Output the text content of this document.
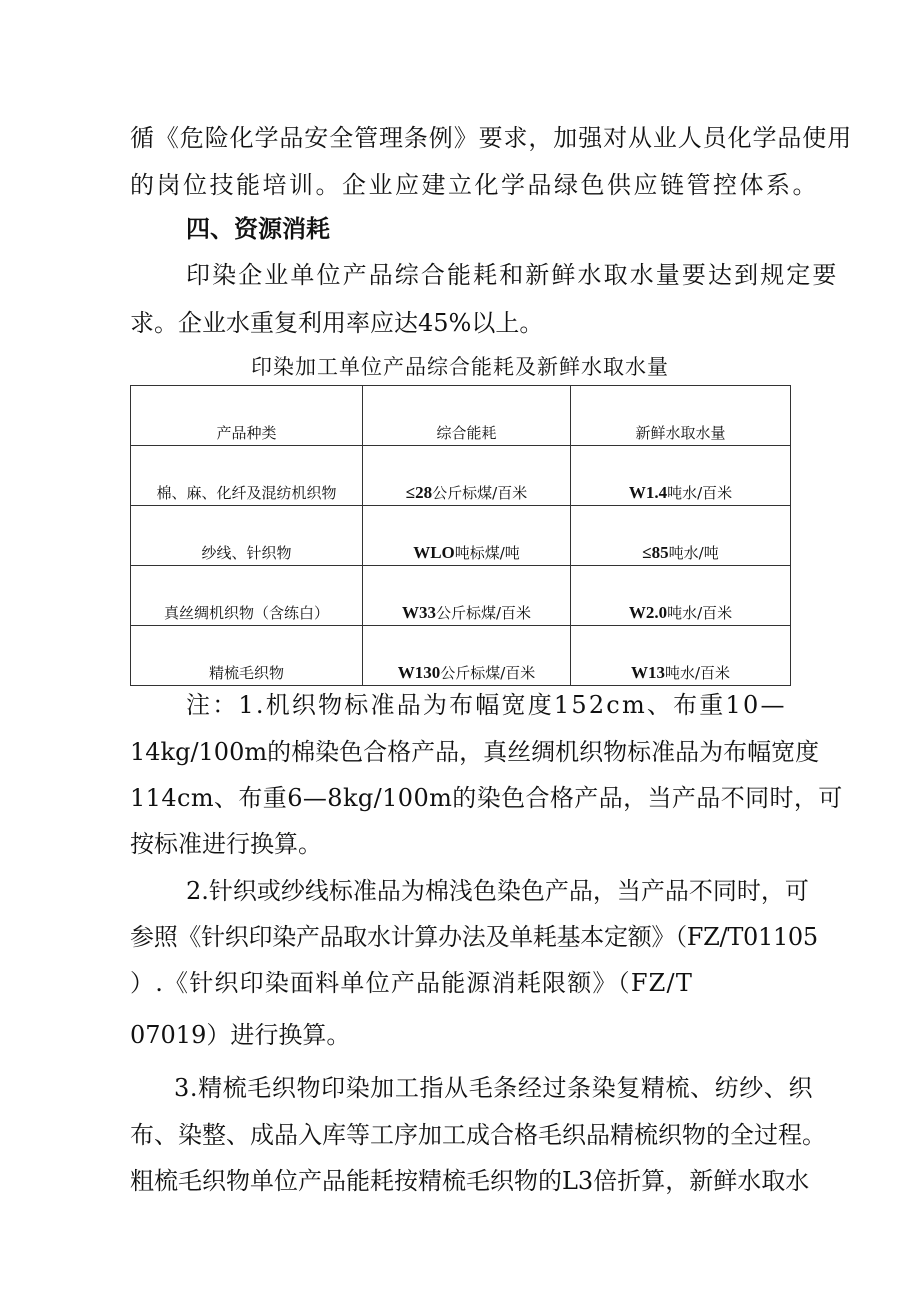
循《危险化学品安全管理条例》要求，加强对从业人员化学品使用
的岗位技能培训。企业应建立化学品绿色供应链管控体系。
四、资源消耗
印染企业单位产品综合能耗和新鲜水取水量要达到规定要
求。企业水重复利用率应达45%以上。
印染加工单位产品综合能耗及新鲜水取水量
产品种类	综合能耗	新鲜水取水量
棉、麻、化纤及混纺机织物	≤28公斤标煤/百米	W1.4吨水/百米
纱线、针织物	WLO吨标煤/吨	≤85吨水/吨
真丝绸机织物（含练白）	W33公斤标煤/百米	W2.0吨水/百米
精梳毛织物	W130公斤标煤/百米	W13吨水/百米
注：1.机织物标准品为布幅宽度152cm、布重10—
14kg/100m的棉染色合格产品，真丝绸机织物标准品为布幅宽度
114cm、布重6—8kg/100m的染色合格产品，当产品不同时，可
按标准进行换算。
2.针织或纱线标准品为棉浅色染色产品，当产品不同时，可
参照《针织印染产品取水计算办法及单耗基本定额》（FZ/T01105
）.《针织印染面料单位产品能源消耗限额》（FZ/T
07019）进行换算。
3.精梳毛织物印染加工指从毛条经过条染复精梳、纺纱、织
布、染整、成品入库等工序加工成合格毛织品精梳织物的全过程。
粗梳毛织物单位产品能耗按精梳毛织物的L3倍折算，新鲜水取水
